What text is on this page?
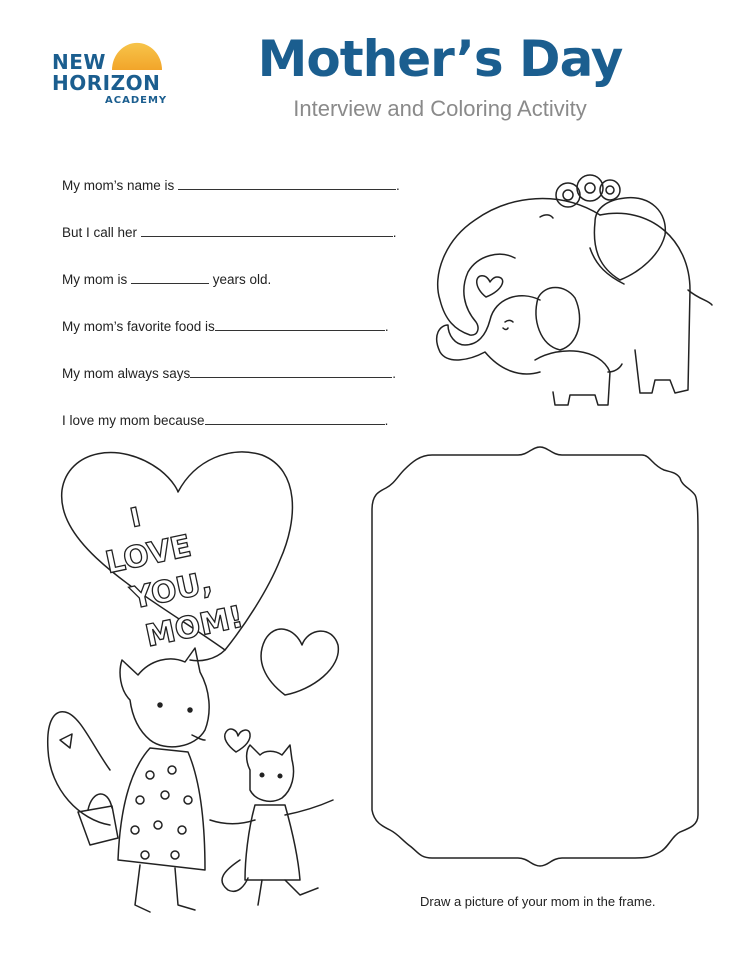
NEW
HORIZON
ACADEMY
Mother’s Day

Interview and Coloring Activity

My mom’s name is	.
But I call her	.
My mom is	years old.
My mom’s favorite food is	.
My mom always says	.
I love my mom because	.
I
LOVE
YOU,
MOM!
Draw a picture of your mom in the frame.
